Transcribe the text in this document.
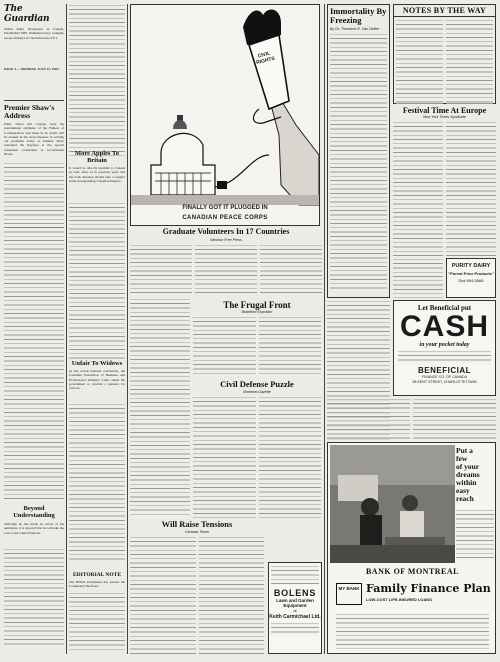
The Guardian
Oldest Daily Newspaper in Canada. Established 1887. Published every weekday except holidays at Charlottetown, P.E.I.
PAGE 4 — MONDAY, JULY 27, 1964
Premier Shaw's Address
Faith, vision and courage were the predominant attributes of the Fathers of Confederation, and these in no doubt will be needed in the most measure in solving our problems today, as Premier Shaw remarked the Keynote at the special centennial ceremonies at Government House.
Beyond Understanding
Although he has made no secret of his ambitions, it is reported that he will take the road to the United Nations.
More Apples To Britain
It would be directly harmful to Canada as well, since as in previous years and the trade situation should take a tougher stand in negotiating Canadian imports.
Unfair To Widows
At her recent national convention, the Canadian Federation of Business and Professional Women's Clubs asked the government to provide a pension for widows.
EDITORIAL NOTE
The British Parliament has passed the Continental Shelf Act.
CIVIL RIGHTS
FINALLY GOT IT PLUGGED IN
CANADIAN PEACE CORPS
Graduate Volunteers In 17 Countries
Windsor Free Press
The Frugal Front
Brantford Expositor
Civil Defense Puzzle
Montreal Gazette
Will Raise Tensions
Oshawa Times
BOLENS
Lawn and Garden
Equipment
at
Keith Carmichael Ltd.
Immortality By Freezing
By Dr. Theodore R. Van Dellen
NOTES BY THE WAY
Festival Time At Europe
New York Times Syndicate
PURITY DAIRY
"Purest Price Products"
Dial 894-5566
Let Beneficial put
CASH
in your pocket today
BENEFICIAL
FINANCE CO. OF CANADA
58 KENT STREET, CHARLOTTETOWN
Put a
few
of your
dreams
within
easy
reach
BANK OF MONTREAL
MY BANK Family Finance Plan
LOW-COST LIFE-INSURED LOANS
